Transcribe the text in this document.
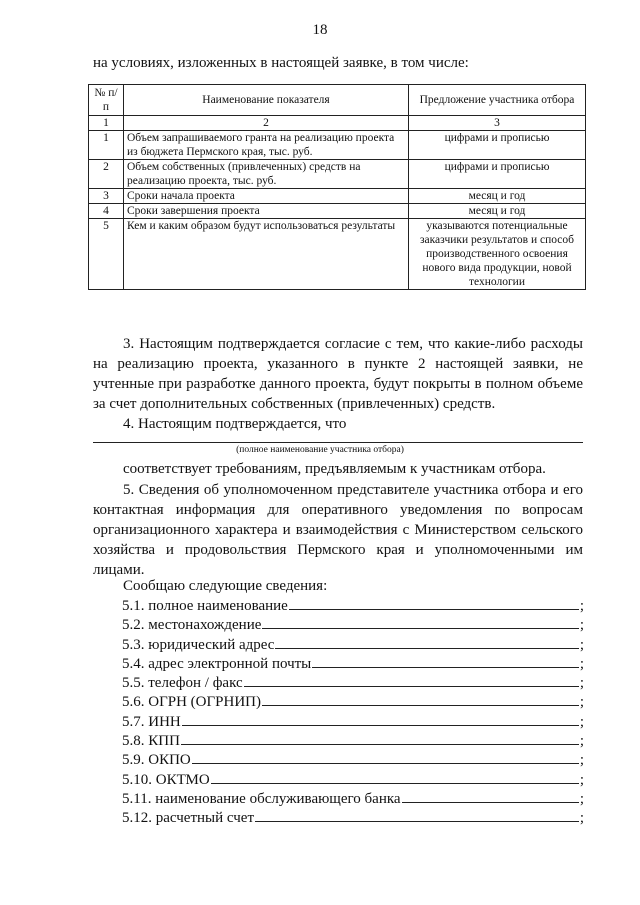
18
на условиях, изложенных в настоящей заявке, в том числе:
№ п/п	Наименование показателя	Предложение участника отбора
1	2	3
1	Объем запрашиваемого гранта на реализацию проекта из бюджета Пермского края, тыс. руб.	цифрами и прописью
2	Объем собственных (привлеченных) средств на реализацию проекта, тыс. руб.	цифрами и прописью
3	Сроки начала проекта	месяц и год
4	Сроки завершения проекта	месяц и год
5	Кем и каким образом будут использоваться результаты	указываются потенциальные заказчики результатов и способ производственного освоения нового вида продукции, новой технологии
3. Настоящим подтверждается согласие с тем, что какие-либо расходы на реализацию проекта, указанного в пункте 2 настоящей заявки, не учтенные при разработке данного проекта, будут покрыты в полном объеме за счет дополнительных собственных (привлеченных) средств.
4. Настоящим подтверждается, что
(полное наименование участника отбора)
соответствует требованиям, предъявляемым к участникам отбора.
5. Сведения об уполномоченном представителе участника отбора и его контактная информация для оперативного уведомления по вопросам организационного характера и взаимодействия с Министерством сельского хозяйства и продовольствия Пермского края и уполномоченными им лицами.
Сообщаю следующие сведения:
5.1. полное наименование	;
5.2. местонахождение	;
5.3. юридический адрес	;
5.4. адрес электронной почты	;
5.5. телефон / факс	;
5.6. ОГРН (ОГРНИП)	;
5.7. ИНН	;
5.8. КПП	;
5.9. ОКПО	;
5.10. ОКТМО	;
5.11. наименование обслуживающего банка	;
5.12. расчетный счет	;
